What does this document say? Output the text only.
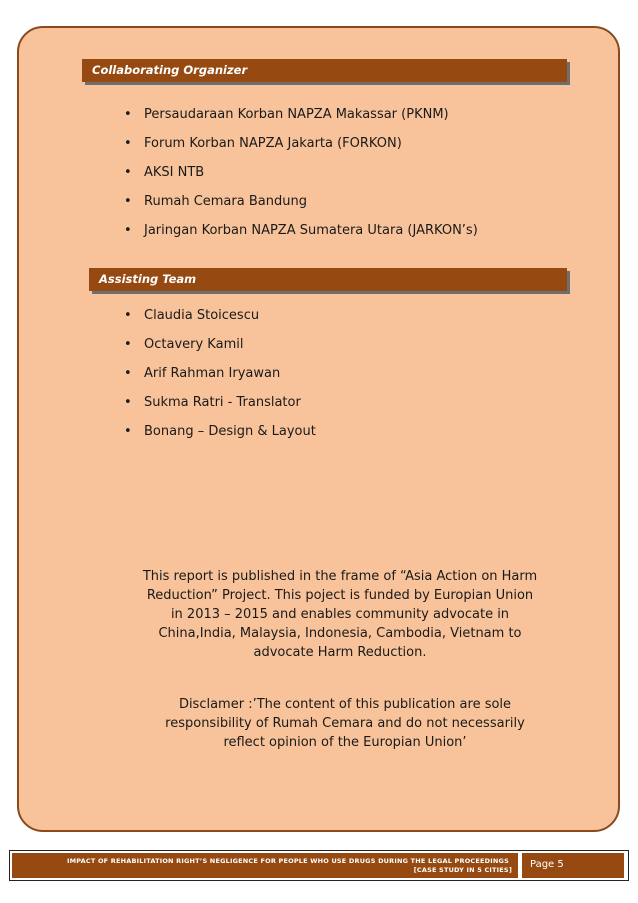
Collaborating Organizer
• Persaudaraan Korban NAPZA Makassar (PKNM)
• Forum Korban NAPZA Jakarta (FORKON)
• AKSI NTB
• Rumah Cemara Bandung
• Jaringan Korban NAPZA Sumatera Utara (JARKON’s)
Assisting Team
• Claudia Stoicescu
• Octavery Kamil
• Arif Rahman Iryawan
• Sukma Ratri - Translator
• Bonang – Design & Layout
This report is published in the frame of “Asia Action on Harm
Reduction” Project. This poject is funded by Europian Union
in 2013 – 2015 and enables community advocate in
China,India, Malaysia, Indonesia, Cambodia, Vietnam to
advocate Harm Reduction.
Disclamer :’The content of this publication are sole
responsibility of Rumah Cemara and do not necessarily
reflect opinion of the Europian Union’
IMPACT OF REHABILITATION RIGHT’S NEGLIGENCE FOR PEOPLE WHO USE DRUGS DURING THE LEGAL PROCEEDINGS
[CASE STUDY IN 5 CITIES]	Page 5
